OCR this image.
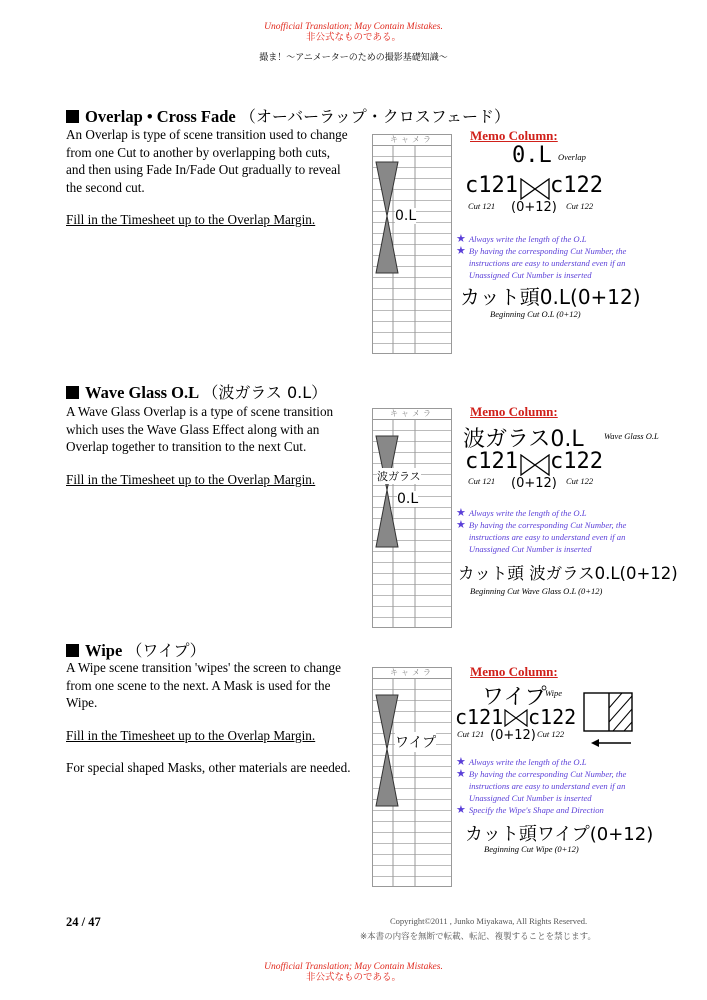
Unofficial Translation; May Contain Mistakes.
非公式なものである。
撮ま！～アニメーターのための撮影基礎知識～
Overlap • Cross Fade （オーバーラップ・クロスフェード）

An Overlap is type of scene transition used to change from one Cut to another by overlapping both cuts, and then using Fade In/Fade Out gradually to reveal the second cut.

Fill in the Timesheet up to the Overlap Margin.

キャメラ
0.L
Memo Column:
0.L Overlap
c121 c122
Cut 121	Cut 122
(0+12)
★ Always write the length of the O.L
★ By having the corresponding Cut Number, the instructions are easy to understand even if an Unassigned Cut Number is inserted
カット頭0.L(0+12)
Beginning Cut O.L (0+12)
Wave Glass O.L （波ガラス 0.L）

A Wave Glass Overlap is a type of scene transition which uses the Wave Glass Effect along with an Overlap together to transition to the next Cut.

Fill in the Timesheet up to the Overlap Margin.

キャメラ
波ガラス
0.L
Memo Column:
波ガラス0.L Wave Glass O.L
c121 c122
Cut 121	Cut 122
(0+12)
★ Always write the length of the O.L
★ By having the corresponding Cut Number, the instructions are easy to understand even if an Unassigned Cut Number is inserted
カット頭 波ガラス0.L(0+12)
Beginning Cut Wave Glass O.L (0+12)
Wipe （ワイプ）

A Wipe scene transition 'wipes' the screen to change from one scene to the next. A Mask is used for the Wipe.

Fill in the Timesheet up to the Overlap Margin.

For special shaped Masks, other materials are needed.

キャメラ
ワイプ
Memo Column:
ワイプ
Wipe
c121 c122
Cut 121	Cut 122
(0+12)
★ Always write the length of the O.L
★ By having the corresponding Cut Number, the instructions are easy to understand even if an Unassigned Cut Number is inserted
★ Specify the Wipe's Shape and Direction
カット頭ワイプ(0+12)
Beginning Cut Wipe (0+12)
24 / 47	Copyright©2011 , Junko Miyakawa, All Rights Reserved.
※本書の内容を無断で転載、転記、複製することを禁じます。
Unofficial Translation; May Contain Mistakes.
非公式なものである。
